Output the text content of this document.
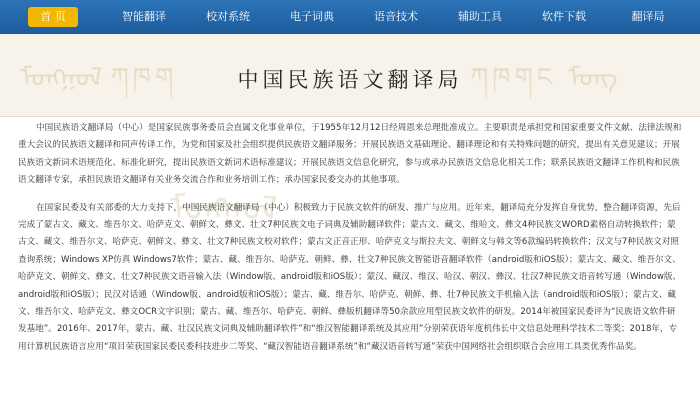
首 页	智能翻译	校对系统	电子词典	语音技术	辅助工具	软件下载	翻译局
ᠮᠣᠩᠭᠣᠯ ཀཁག	ཀཁགང ᠮᠣᠩ
中国民族语文翻译局
ᠮᠣᠩᠭᠣᠯ

中国民族语文翻译局（中心）是国家民族事务委员会直属文化事业单位，于1955年12月12日经周恩来总理批准成立。主要职责是承担党和国家重要文件文献、法律法规和重大会议的民族语文翻译和同声传译工作，为党和国家及社会组织提供民族语文翻译服务；开展民族语文基础理论、翻译理论和有关特殊问题的研究，提出有关意见建议；开展民族语文新词术语规范化、标准化研究，提出民族语文新词术语标准建议；开展民族语文信息化研究，参与或承办民族语文信息化相关工作；联系民族语文翻译工作机构和民族语文翻译专家，承担民族语文翻译有关业务交流合作和业务培训工作；承办国家民委交办的其他事项。

在国家民委及有关部委的大力支持下，中国民族语文翻译局（中心）积极致力于民族文软件的研发、推广与应用。近年来，翻译局充分发挥自身优势，整合翻译资源，先后完成了蒙古文、藏文、维吾尔文、哈萨克文、朝鲜文、彝文、壮文7种民族文电子词典及辅助翻译软件；蒙古文、藏文、维哈文、彝文4种民族文WORD素格自动转换软件；蒙古文、藏文、维吾尔文、哈萨克、朝鲜文、彝文、壮文7种民族文校对软件；蒙古文正音正形、哈萨克文与斯拉夫文、朝鲜文与韩文等6款编码转换软件；汉文与7种民族文对照查询系统；Windows XP仿真 Windows7软件；蒙古、藏、维吾尔、哈萨克、朝鲜、彝、壮文7种民族文智能语音翻译软件（android版和iOS版）；蒙古文、藏文、维吾尔文、哈萨克文、朝鲜文、彝文、壮文7种民族文语音输入法（Window版、android版和iOS版）；蒙汉、藏汉、维汉、哈汉、朝汉、彝汉、壮汉7种民族文语音转写通（Window版、android版和iOS版）；民汉对话通（Window版、android版和iOS版）；蒙古、藏、维吾尔、哈萨克、朝鲜、彝、壮7种民族文手机输入法（android版和iOS版）；蒙古文、藏文、维吾尔文、哈萨克文、彝文OCR文字识别；蒙古、藏、维吾尔、哈萨克、朝鲜、彝版机翻译等50余款应用型民族文软件的研发。2014年被国家民委评为“民族语文软件研发基地”。2016年、2017年，蒙古、藏、壮汉民族文词典及辅助翻译软件”和“维汉智能翻译系统及其应用”分别荣获语年度机伟长中文信息处理科学技术二等奖；2018年，专用计算机民族语言应用“项目荣获国家民委民委科技进步二等奖、“藏汉智能语音翻译系统”和“藏汉语音转写通”荣获中国网络社会组织联合会应用工具类优秀作品奖。
